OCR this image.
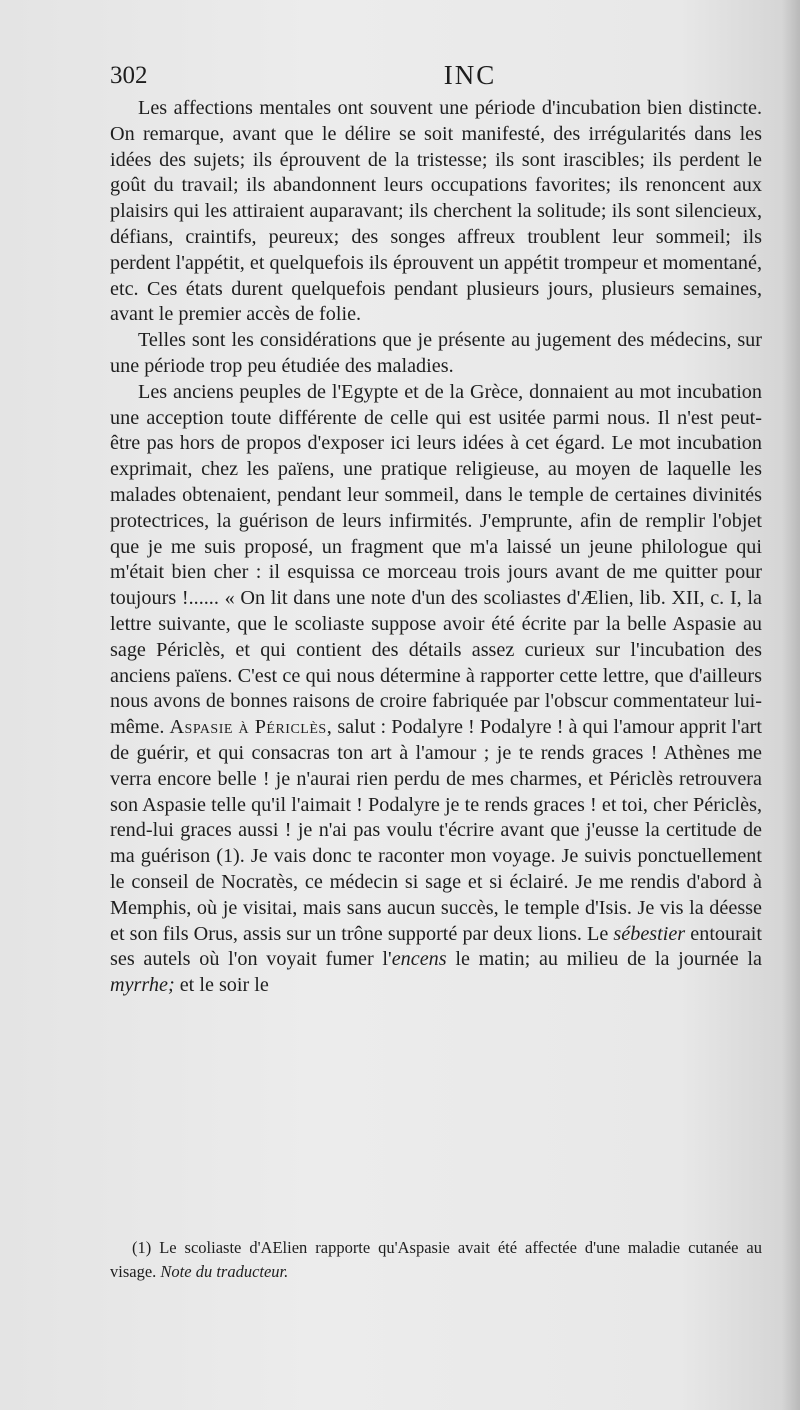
302	INC

Les affections mentales ont souvent une période d'incubation bien distincte. On remarque, avant que le délire se soit manifesté, des irrégularités dans les idées des sujets; ils éprouvent de la tristesse; ils sont irascibles; ils perdent le goût du travail; ils abandonnent leurs occupations favorites; ils renoncent aux plaisirs qui les attiraient auparavant; ils cherchent la solitude; ils sont silencieux, défians, craintifs, peureux; des songes affreux troublent leur sommeil; ils perdent l'appétit, et quelquefois ils éprouvent un appétit trompeur et momentané, etc. Ces états durent quelquefois pendant plusieurs jours, plusieurs semaines, avant le premier accès de folie.

Telles sont les considérations que je présente au jugement des médecins, sur une période trop peu étudiée des maladies.

Les anciens peuples de l'Egypte et de la Grèce, donnaient au mot incubation une acception toute différente de celle qui est usitée parmi nous. Il n'est peut-être pas hors de propos d'exposer ici leurs idées à cet égard. Le mot incubation exprimait, chez les païens, une pratique religieuse, au moyen de laquelle les malades obtenaient, pendant leur sommeil, dans le temple de certaines divinités protectrices, la guérison de leurs infirmités. J'emprunte, afin de remplir l'objet que je me suis proposé, un fragment que m'a laissé un jeune philologue qui m'était bien cher : il esquissa ce morceau trois jours avant de me quitter pour toujours !...... « On lit dans une note d'un des scoliastes d'Ælien, lib. XII, c. I, la lettre suivante, que le scoliaste suppose avoir été écrite par la belle Aspasie au sage Périclès, et qui contient des détails assez curieux sur l'incubation des anciens païens. C'est ce qui nous détermine à rapporter cette lettre, que d'ailleurs nous avons de bonnes raisons de croire fabriquée par l'obscur commentateur lui-même. Aspasie à Périclès, salut : Podalyre ! Podalyre ! à qui l'amour apprit l'art de guérir, et qui consacras ton art à l'amour ; je te rends graces ! Athènes me verra encore belle ! je n'aurai rien perdu de mes charmes, et Périclès retrouvera son Aspasie telle qu'il l'aimait ! Podalyre je te rends graces ! et toi, cher Périclès, rend-lui graces aussi ! je n'ai pas voulu t'écrire avant que j'eusse la certitude de ma guérison (1). Je vais donc te raconter mon voyage. Je suivis ponctuellement le conseil de Nocratès, ce médecin si sage et si éclairé. Je me rendis d'abord à Memphis, où je visitai, mais sans aucun succès, le temple d'Isis. Je vis la déesse et son fils Orus, assis sur un trône supporté par deux lions. Le sébestier entourait ses autels où l'on voyait fumer l'encens le matin; au milieu de la journée la myrrhe; et le soir le

(1) Le scoliaste d'AElien rapporte qu'Aspasie avait été affectée d'une maladie cutanée au visage. Note du traducteur.
